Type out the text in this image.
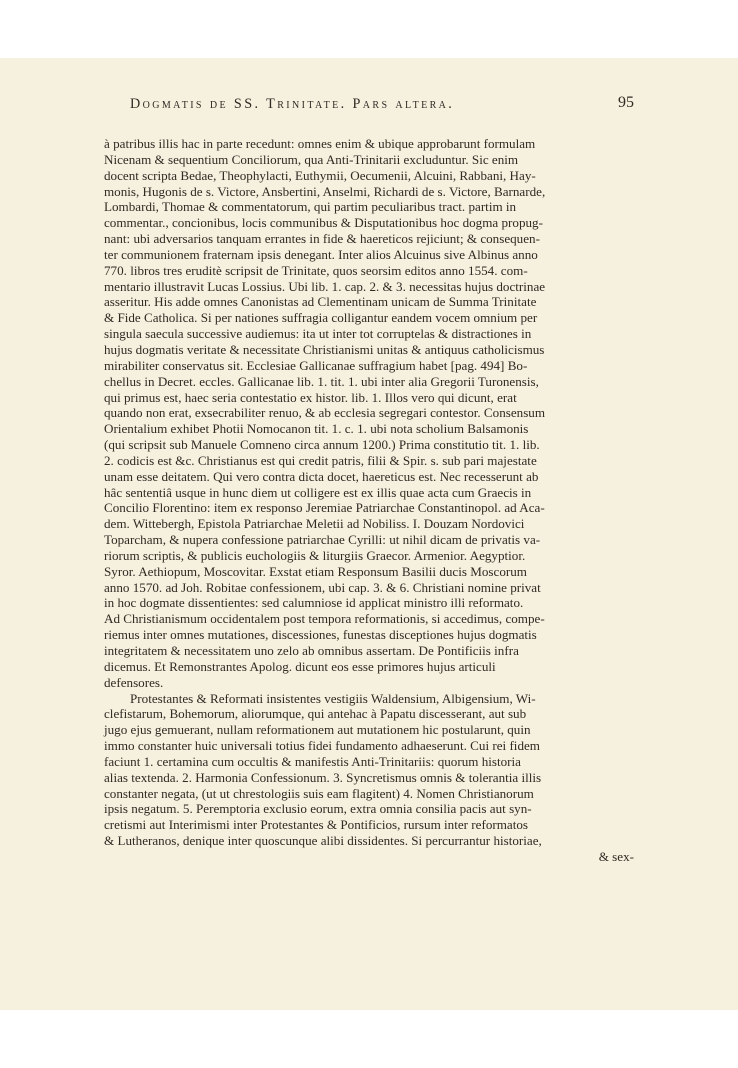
Dogmatis de SS. Trinitate. Pars altera.	95

à patribus illis hac in parte recedunt: omnes enim & ubique approbarunt formulam
Nicenam & sequentium Conciliorum, qua Anti-Trinitarii excluduntur. Sic enim
docent scripta Bedae, Theophylacti, Euthymii, Oecumenii, Alcuini, Rabbani, Hay-
monis, Hugonis de s. Victore, Ansbertini, Anselmi, Richardi de s. Victore, Barnarde,
Lombardi, Thomae & commentatorum, qui partim peculiaribus tract. partim in
commentar., concionibus, locis communibus & Disputationibus hoc dogma propug-
nant: ubi adversarios tanquam errantes in fide & haereticos rejiciunt; & consequen-
ter communionem fraternam ipsis denegant. Inter alios Alcuinus sive Albinus anno
770. libros tres eruditè scripsit de Trinitate, quos seorsim editos anno 1554. com-
mentario illustravit Lucas Lossius. Ubi lib. 1. cap. 2. & 3. necessitas hujus doctrinae
asseritur. His adde omnes Canonistas ad Clementinam unicam de Summa Trinitate
& Fide Catholica. Si per nationes suffragia colligantur eandem vocem omnium per
singula saecula successive audiemus: ita ut inter tot corruptelas & distractiones in
hujus dogmatis veritate & necessitate Christianismi unitas & antiquus catholicismus
mirabiliter conservatus sit. Ecclesiae Gallicanae suffragium habet [pag. 494] Bo-
chellus in Decret. eccles. Gallicanae lib. 1. tit. 1. ubi inter alia Gregorii Turonensis,
qui primus est, haec seria contestatio ex histor. lib. 1. Illos vero qui dicunt, erat
quando non erat, exsecrabiliter renuo, & ab ecclesia segregari contestor. Consensum
Orientalium exhibet Photii Nomocanon tit. 1. c. 1. ubi nota scholium Balsamonis
(qui scripsit sub Manuele Comneno circa annum 1200.) Prima constitutio tit. 1. lib.
2. codicis est &c. Christianus est qui credit patris, filii & Spir. s. sub pari majestate
unam esse deitatem. Qui vero contra dicta docet, haereticus est. Nec recesserunt ab
hâc sententiâ usque in hunc diem ut colligere est ex illis quae acta cum Graecis in
Concilio Florentino: item ex responso Jeremiae Patriarchae Constantinopol. ad Aca-
dem. Wittebergh, Epistola Patriarchae Meletii ad Nobiliss. I. Douzam Nordovici
Toparcham, & nupera confessione patriarchae Cyrilli: ut nihil dicam de privatis va-
riorum scriptis, & publicis euchologiis & liturgiis Graecor. Armenior. Aegyptior.
Syror. Aethiopum, Moscovitar. Exstat etiam Responsum Basilii ducis Moscorum
anno 1570. ad Joh. Robitae confessionem, ubi cap. 3. & 6. Christiani nomine privat
in hoc dogmate dissentientes: sed calumniose id applicat ministro illi reformato.
Ad Christianismum occidentalem post tempora reformationis, si accedimus, compe-
riemus inter omnes mutationes, discessiones, funestas disceptiones hujus dogmatis
integritatem & necessitatem uno zelo ab omnibus assertam. De Pontificiis infra
dicemus. Et Remonstrantes Apolog. dicunt eos esse primores hujus articuli
defensores.

Protestantes & Reformati insistentes vestigiis Waldensium, Albigensium, Wi-
clefistarum, Bohemorum, aliorumque, qui antehac à Papatu discesserant, aut sub
jugo ejus gemuerant, nullam reformationem aut mutationem hic postularunt, quin
immo constanter huic universali totius fidei fundamento adhaeserunt. Cui rei fidem
faciunt 1. certamina cum occultis & manifestis Anti-Trinitariis: quorum historia
alias textenda. 2. Harmonia Confessionum. 3. Syncretismus omnis & tolerantia illis
constanter negata, (ut ut chrestologiis suis eam flagitent) 4. Nomen Christianorum
ipsis negatum. 5. Peremptoria exclusio eorum, extra omnia consilia pacis aut syn-
cretismi aut Interimismi inter Protestantes & Pontificios, rursum inter reformatos
& Lutheranos, denique inter quoscunque alibi dissidentes. Si percurrantur historiae,

& sex-
